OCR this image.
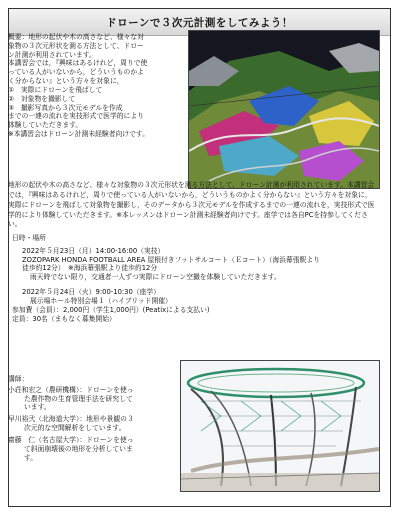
ドローンで３次元計測をしてみよう！
概要：地形の起伏や木の高さなど、様々な対
象物の３次元形状を測る方法として、ドロー
ン計測が利用されています。
本講習会では，『興味はあるけれど，周りで使
っている人がいないから，どういうものかよ
く分からない』という方々を対象に，
①　実際にドローンを飛ばして
②　対象物を撮影して
③　撮影写真から３次元モデルを作成
までの一連の流れを実技形式で医学的により
体験していただきます。
※本講習会はドローン計測未経験者向けです。

地形の起伏や木の高さなど、様々な対象物の３次元形状を測る方法として、ドローン計測が利用されています。本講習会では，『興味はあるけれど，周りで使っている人がいないから，どういうものかよく分からない』という方々を対象に，実際にドローンを飛ばして対象物を撮影し，そのデータから３次元モデルを作成するまでの一連の流れを，実技形式で医学的により体験していただきます。※本レッスンはドローン計測未経験者向けです。座学では各自PCを持参してください。

日時・場所
2022年５月23日（月）14:00-16:00（実技）
ZOZOPARK HONDA FOOTBALL AREA 屋根付きフットサルコート（Ｅコート）（海浜幕張駅より
徒歩約12分）　※海浜幕張駅より徒歩約12分
雨天時でない限り，交通者一人ずつ実際にドローン空撮を体験していただきます。
2022年５月24日（火）9:00-10:30（座学）
展示場ホール特別会場１（ハイブリッド開催）
参加費（会員）：2,000円（学生1,000円）(Peatixによる支払い)
定員：30名（まもなく募集開始）
講師：
小荘和宏之（農研機構）：ドローンを使っ
た農作物の生育管理手法を研究して
います。
早川裕弐（北海道大学）：地形や景観の３
次元的な空間解析をしています。
齋藤　仁（名古屋大学）：ドローンを使っ
て斜面崩壊後の地形を分析していま
す。
